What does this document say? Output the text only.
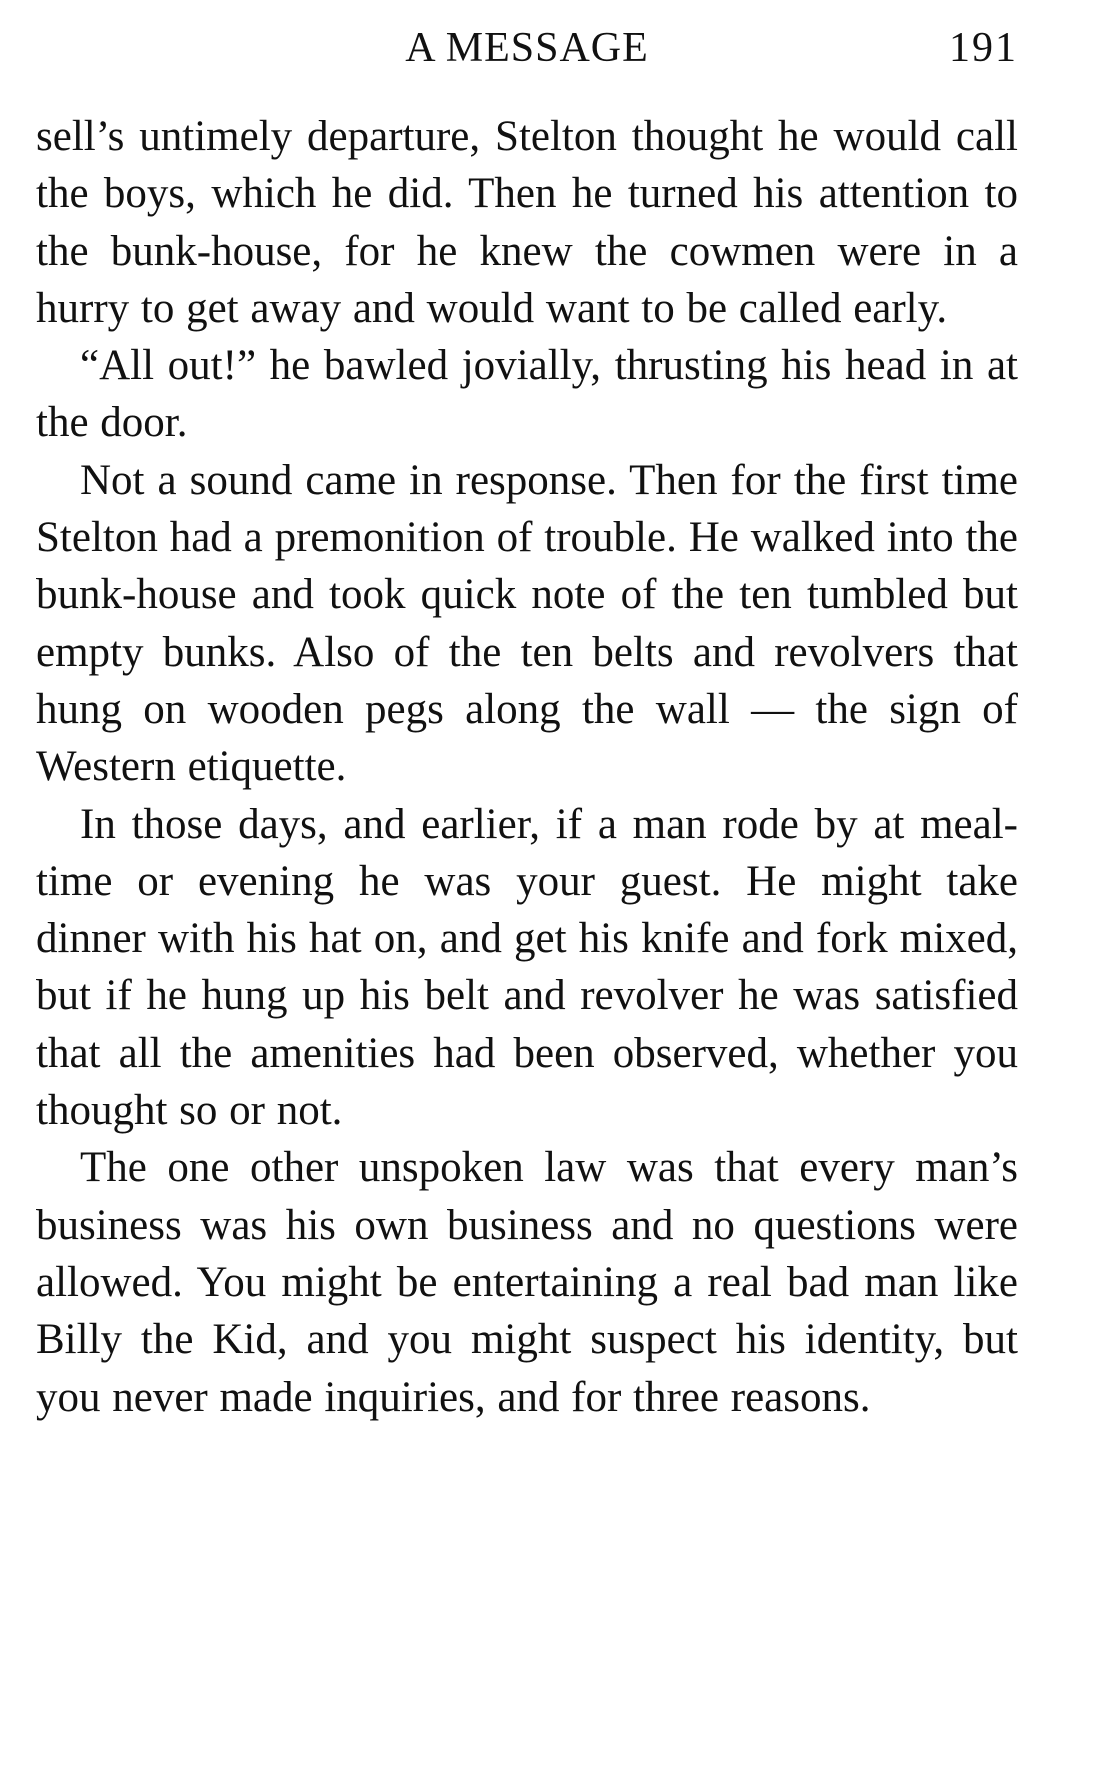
A MESSAGE	191

sell’s untimely departure, Stelton thought he would call the boys, which he did. Then he turned his attention to the bunk-house, for he knew the cowmen were in a hurry to get away and would want to be called early.

“All out!” he bawled jovially, thrusting his head in at the door.

Not a sound came in response. Then for the first time Stelton had a premonition of trouble. He walked into the bunk-house and took quick note of the ten tumbled but empty bunks. Also of the ten belts and revolvers that hung on wooden pegs along the wall — the sign of Western etiquette.

In those days, and earlier, if a man rode by at meal-time or evening he was your guest. He might take dinner with his hat on, and get his knife and fork mixed, but if he hung up his belt and revolver he was satisfied that all the amenities had been observed, whether you thought so or not.

The one other unspoken law was that every man’s business was his own business and no questions were allowed. You might be entertaining a real bad man like Billy the Kid, and you might suspect his identity, but you never made inquiries, and for three reasons.
